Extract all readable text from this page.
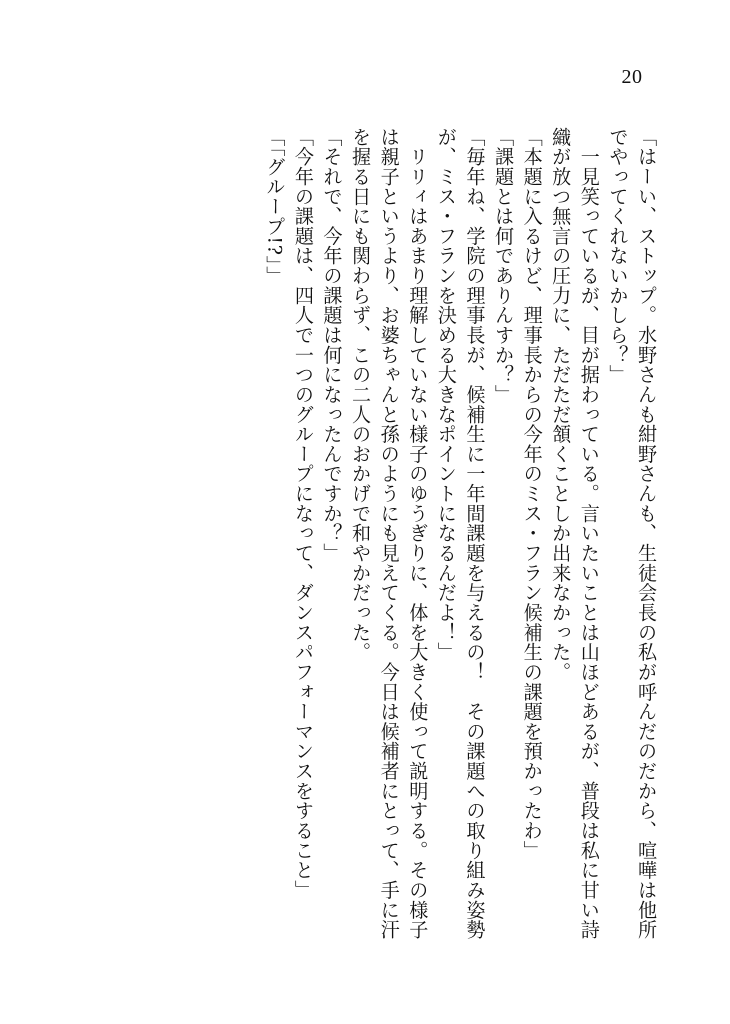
20
「はーい、ストップ。水野さんも紺野さんも、生徒会長の私が呼んだのだから、喧嘩は他所
でやってくれないかしら？」
　一見笑っているが、目が据わっている。言いたいことは山ほどあるが、普段は私に甘い詩
織が放つ無言の圧力に、ただただ頷くことしか出来なかった。
「本題に入るけど、理事長からの今年のミス・フラン候補生の課題を預かったわ」
「課題とは何でありんすか？」
「毎年ね、学院の理事長が、候補生に一年間課題を与えるの！　その課題への取り組み姿勢
が、ミス・フランを決める大きなポイントになるんだよ！」
　リリィはあまり理解していない様子のゆうぎりに、体を大きく使って説明する。その様子
は親子というより、お婆ちゃんと孫のようにも見えてくる。今日は候補者にとって、手に汗
を握る日にも関わらず、この二人のおかげで和やかだった。
「それで、今年の課題は何になったんですか？」
「今年の課題は、四人で一つのグループになって、ダンスパフォーマンスをすること」
「「グループ!?」」
